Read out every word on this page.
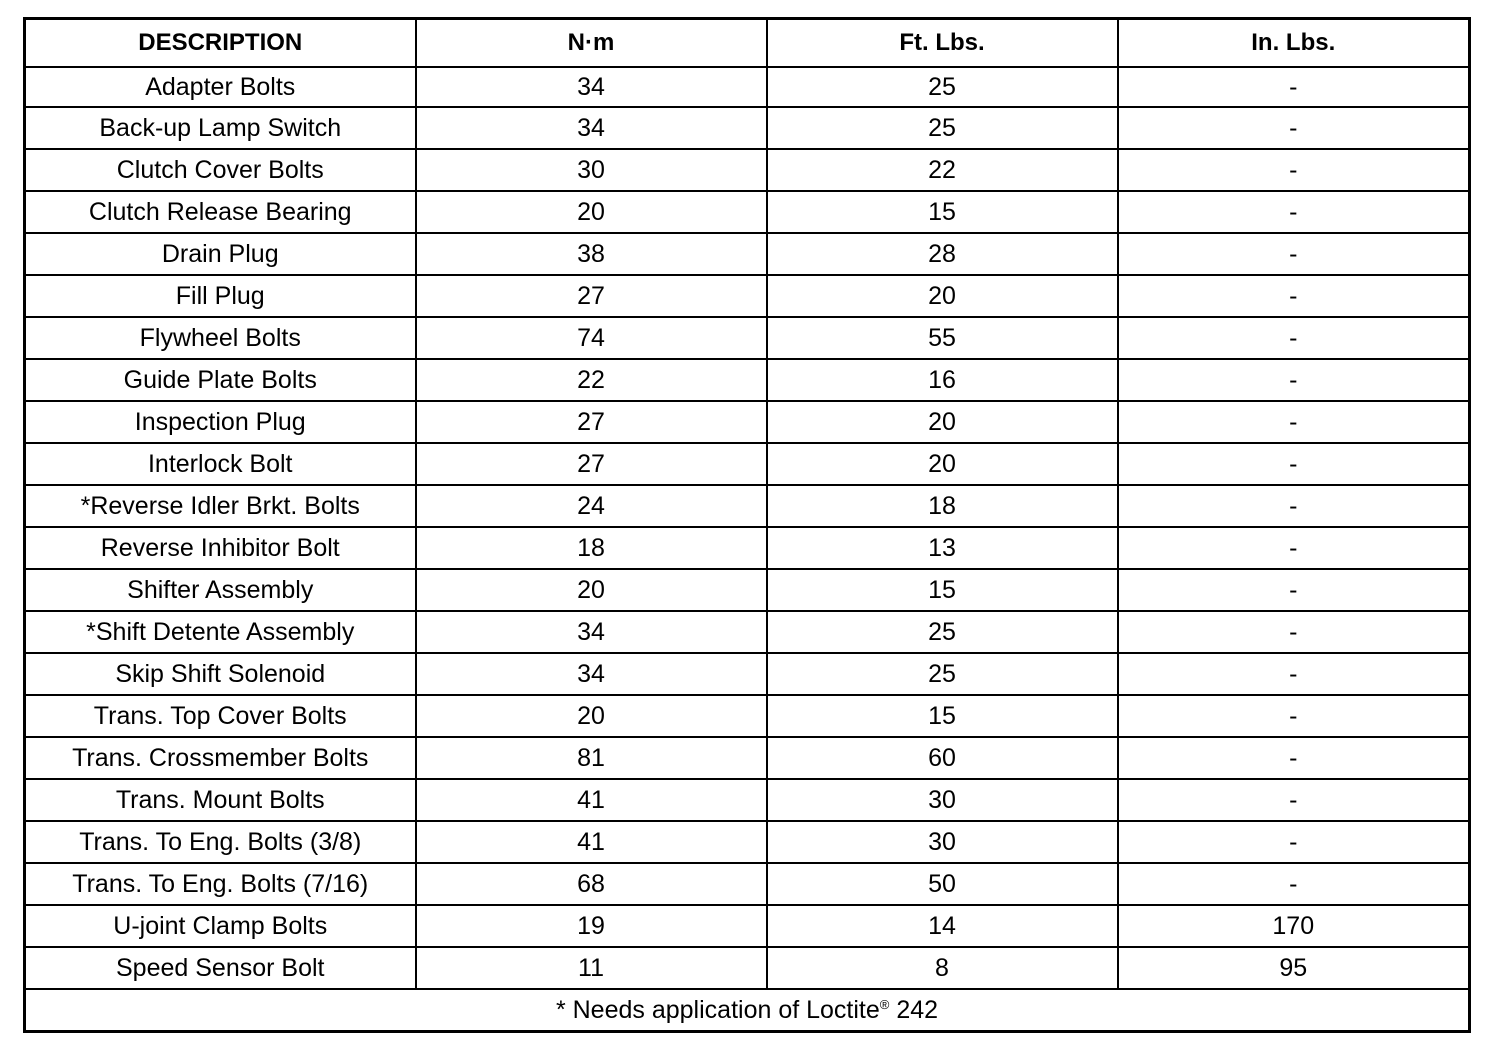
DESCRIPTION	N·m	Ft. Lbs.	In. Lbs.
Adapter Bolts	34	25	-
Back-up Lamp Switch	34	25	-
Clutch Cover Bolts	30	22	-
Clutch Release Bearing	20	15	-
Drain Plug	38	28	-
Fill Plug	27	20	-
Flywheel Bolts	74	55	-
Guide Plate Bolts	22	16	-
Inspection Plug	27	20	-
Interlock Bolt	27	20	-
*Reverse Idler Brkt. Bolts	24	18	-
Reverse Inhibitor Bolt	18	13	-
Shifter Assembly	20	15	-
*Shift Detente Assembly	34	25	-
Skip Shift Solenoid	34	25	-
Trans. Top Cover Bolts	20	15	-
Trans. Crossmember Bolts	81	60	-
Trans. Mount Bolts	41	30	-
Trans. To Eng. Bolts (3/8)	41	30	-
Trans. To Eng. Bolts (7/16)	68	50	-
U-joint Clamp Bolts	19	14	170
Speed Sensor Bolt	11	8	95
* Needs application of Loctite® 242			
